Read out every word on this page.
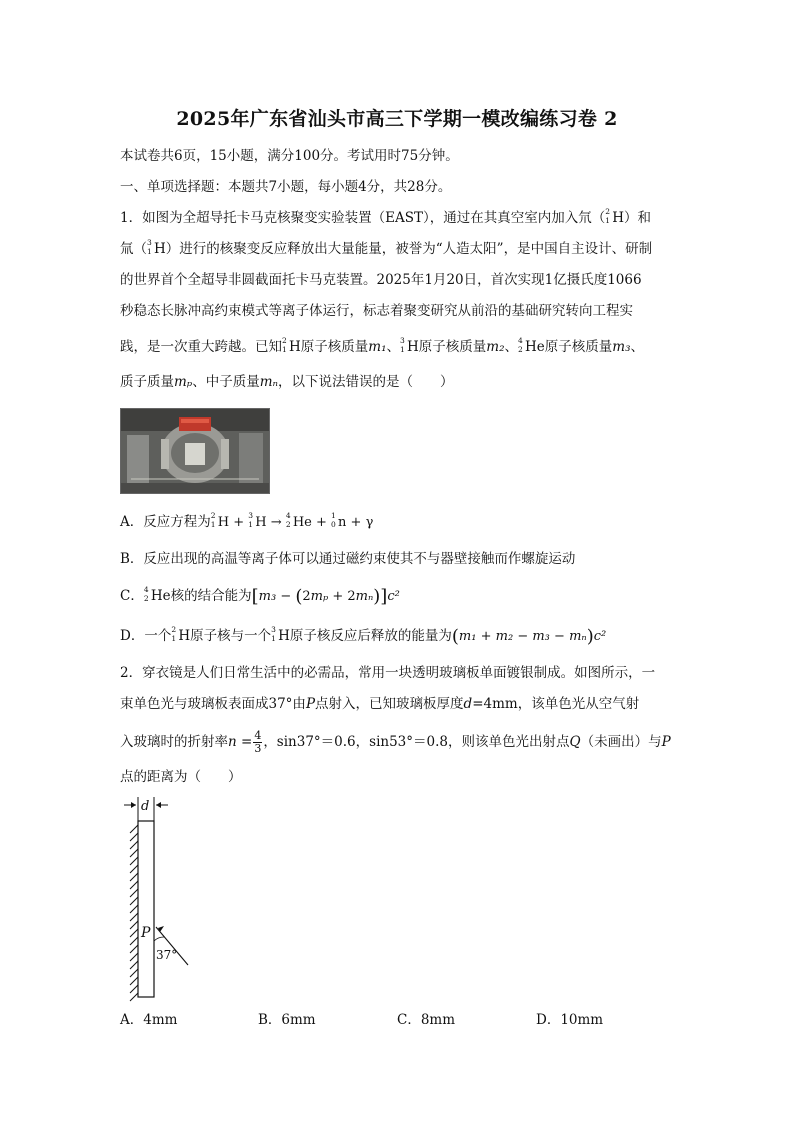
2025年广东省汕头市高三下学期一模改编练习卷 2
本试卷共6页，15小题，满分100分。考试用时75分钟。
一、单项选择题：本题共7小题，每小题4分，共28分。
1．如图为全超导托卡马克核聚变实验装置（EAST），通过在其真空室内加入氘（ 2
1 H）和
氚（ 3
1 H）进行的核聚变反应释放出大量能量，被誉为“人造太阳”，是中国自主设计、研制
的世界首个全超导非圆截面托卡马克装置。2025年1月20日，首次实现1亿摄氏度1066
秒稳态长脉冲高约束模式等离子体运行，标志着聚变研究从前沿的基础研究转向工程实
践，是一次重大跨越。已知 2
1 H原子核质量m₁、 3
1 H原子核质量m₂、 4
2 He原子核质量m₃、
质子质量mₚ、中子质量mₙ，以下说法错误的是（　　）
A．反应方程为 2
1 H + 3
1 H → 4
2 He + 1
0 n + γ
B．反应出现的高温等离子体可以通过磁约束使其不与器壁接触而作螺旋运动
C． 4
2 He核的结合能为[m₃ − (2mₚ + 2mₙ)]c²
D．一个 2
1 H原子核与一个 3
1 H原子核反应后释放的能量为(m₁ + m₂ − m₃ − mₙ)c²
2．穿衣镜是人们日常生活中的必需品，常用一块透明玻璃板单面镀银制成。如图所示，一
束单色光与玻璃板表面成37°由P点射入，已知玻璃板厚度d=4mm，该单色光从空气射
入玻璃时的折射率$n = \frac{4}{3}$ ，sin37°＝0.6，sin53°＝0.8，则该单色光出射点Q（未画出）与P
点的距离为（　　）
d
P
37°
A．4mm	B．6mm	C．8mm	D．10mm
